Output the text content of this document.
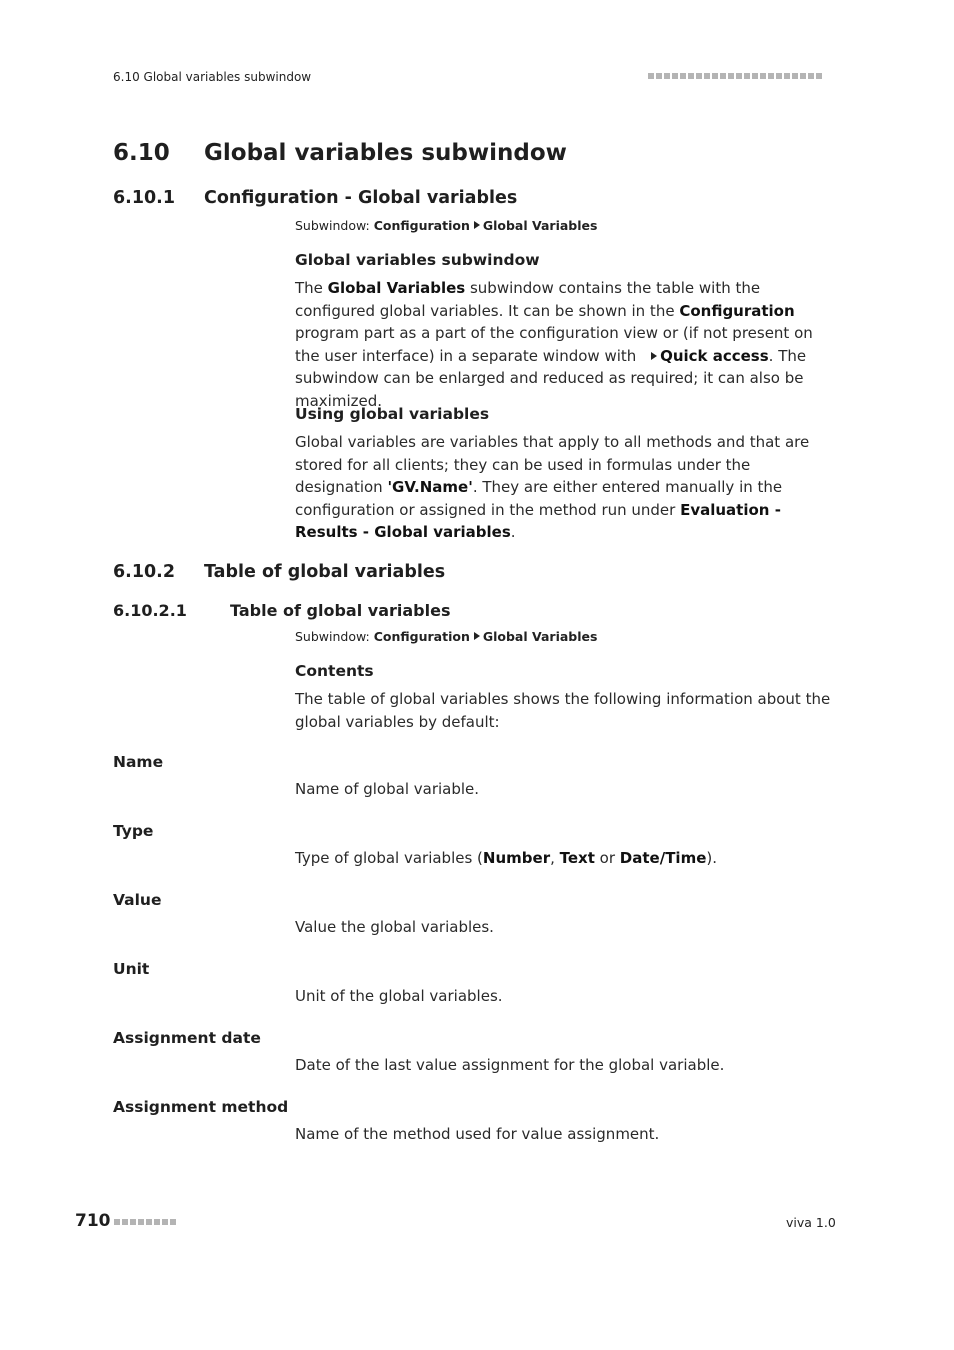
6.10 Global variables subwindow
6.10 Global variables subwindow
6.10.1 Configuration - Global variables
Subwindow: Configuration Global Variables
Global variables subwindow
The Global Variables subwindow contains the table with the configured global variables. It can be shown in the Configuration program part as a part of the configuration view or (if not present on the user interface) in a separate window with Quick access. The subwindow can be enlarged and reduced as required; it can also be maximized.
Using global variables
Global variables are variables that apply to all methods and that are stored for all clients; they can be used in formulas under the designation 'GV.Name'. They are either entered manually in the configuration or assigned in the method run under Evaluation - Results - Global variables.
6.10.2 Table of global variables
6.10.2.1	Table of global variables
Subwindow: Configuration Global Variables
Contents
The table of global variables shows the following information about the global variables by default:
Name
Name of global variable.
Type
Type of global variables (Number, Text or Date/Time).
Value
Value the global variables.
Unit
Unit of the global variables.
Assignment date
Date of the last value assignment for the global variable.
Assignment method
Name of the method used for value assignment.
710	viva 1.0
